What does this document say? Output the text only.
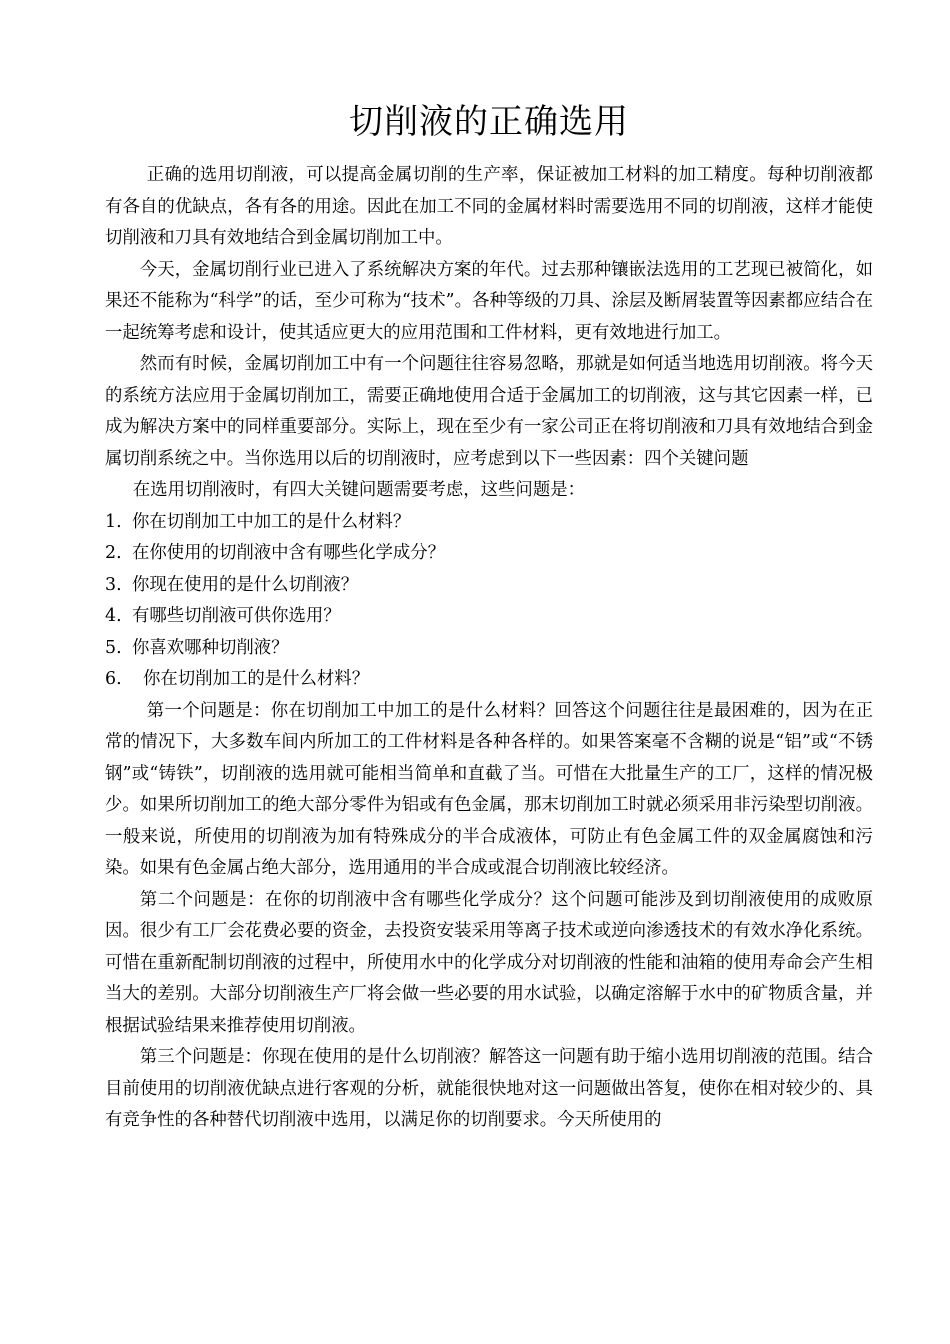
切削液的正确选用

正确的选用切削液，可以提高金属切削的生产率，保证被加工材料的加工精度。每种切削液都有各自的优缺点，各有各的用途。因此在加工不同的金属材料时需要选用不同的切削液，这样才能使切削液和刀具有效地结合到金属切削加工中。

今天，金属切削行业已进入了系统解决方案的年代。过去那种镶嵌法选用的工艺现已被简化，如果还不能称为“科学”的话，至少可称为“技术”。各种等级的刀具、涂层及断屑装置等因素都应结合在一起统筹考虑和设计，使其适应更大的应用范围和工件材料，更有效地进行加工。

然而有时候，金属切削加工中有一个问题往往容易忽略，那就是如何适当地选用切削液。将今天的系统方法应用于金属切削加工，需要正确地使用合适于金属加工的切削液，这与其它因素一样，已成为解决方案中的同样重要部分。实际上，现在至少有一家公司正在将切削液和刀具有效地结合到金属切削系统之中。当你选用以后的切削液时，应考虑到以下一些因素：四个关键问题

在选用切削液时，有四大关键问题需要考虑，这些问题是：

1. 你在切削加工中加工的是什么材料？
2. 在你使用的切削液中含有哪些化学成分？
3. 你现在使用的是什么切削液？
4. 有哪些切削液可供你选用？
5. 你喜欢哪种切削液？
6.	你在切削加工的是什么材料？

第一个问题是：你在切削加工中加工的是什么材料？回答这个问题往往是最困难的，因为在正常的情况下，大多数车间内所加工的工件材料是各种各样的。如果答案毫不含糊的说是“铝”或“不锈钢”或“铸铁”，切削液的选用就可能相当简单和直截了当。可惜在大批量生产的工厂，这样的情况极少。如果所切削加工的绝大部分零件为铝或有色金属，那末切削加工时就必须采用非污染型切削液。一般来说，所使用的切削液为加有特殊成分的半合成液体，可防止有色金属工件的双金属腐蚀和污染。如果有色金属占绝大部分，选用通用的半合成或混合切削液比较经济。

第二个问题是：在你的切削液中含有哪些化学成分？这个问题可能涉及到切削液使用的成败原因。很少有工厂会花费必要的资金，去投资安装采用等离子技术或逆向渗透技术的有效水净化系统。可惜在重新配制切削液的过程中，所使用水中的化学成分对切削液的性能和油箱的使用寿命会产生相当大的差别。大部分切削液生产厂将会做一些必要的用水试验，以确定溶解于水中的矿物质含量，并根据试验结果来推荐使用切削液。

第三个问题是：你现在使用的是什么切削液？解答这一问题有助于缩小选用切削液的范围。结合目前使用的切削液优缺点进行客观的分析，就能很快地对这一问题做出答复，使你在相对较少的、具有竞争性的各种替代切削液中选用，以满足你的切削要求。今天所使用的
